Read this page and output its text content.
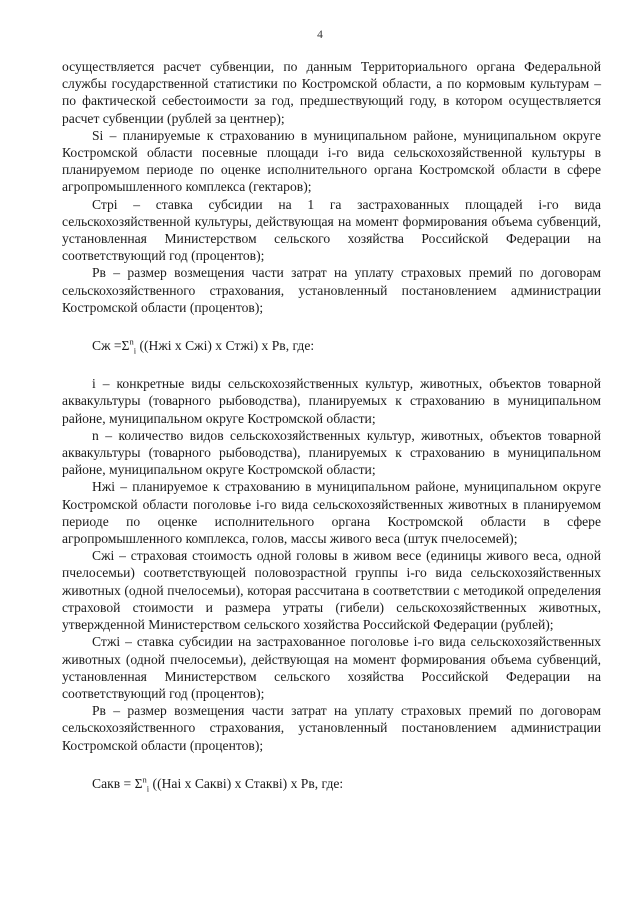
4

осуществляется расчет субвенции, по данным Территориального органа Федеральной службы государственной статистики по Костромской области, а по кормовым культурам – по фактической себестоимости за год, предшествующий году, в котором осуществляется расчет субвенции (рублей за центнер);

Si – планируемые к страхованию в муниципальном районе, муниципальном округе Костромской области посевные площади i-го вида сельскохозяйственной культуры в планируемом периоде по оценке исполнительного органа Костромской области в сфере агропромышленного комплекса (гектаров);

Стрi – ставка субсидии на 1 га застрахованных площадей i-го вида сельскохозяйственной культуры, действующая на момент формирования объема субвенций, установленная Министерством сельского хозяйства Российской Федерации на соответствующий год (процентов);

Рв – размер возмещения части затрат на уплату страховых премий по договорам сельскохозяйственного страхования, установленный постановлением администрации Костромской области (процентов);

Сж $=\Sigma^n_i$ ((Нжi х Сжi) х Стжi) х Рв, где:

i – конкретные виды сельскохозяйственных культур, животных, объектов товарной аквакультуры (товарного рыбоводства), планируемых к страхованию в муниципальном районе, муниципальном округе Костромской области;

n – количество видов сельскохозяйственных культур, животных, объектов товарной аквакультуры (товарного рыбоводства), планируемых к страхованию в муниципальном районе, муниципальном округе Костромской области;

Нжi – планируемое к страхованию в муниципальном районе, муниципальном округе Костромской области поголовье i-го вида сельскохозяйственных животных в планируемом периоде по оценке исполнительного органа Костромской области в сфере агропромышленного комплекса, голов, массы живого веса (штук пчелосемей);

Сжi – страховая стоимость одной головы в живом весе (единицы живого веса, одной пчелосемьи) соответствующей половозрастной группы i-го вида сельскохозяйственных животных (одной пчелосемьи), которая рассчитана в соответствии с методикой определения страховой стоимости и размера утраты (гибели) сельскохозяйственных животных, утвержденной Министерством сельского хозяйства Российской Федерации (рублей);

Стжi – ставка субсидии на застрахованное поголовье i-го вида сельскохозяйственных животных (одной пчелосемьи), действующая на момент формирования объема субвенций, установленная Министерством сельского хозяйства Российской Федерации на соответствующий год (процентов);

Рв – размер возмещения части затрат на уплату страховых премий по договорам сельскохозяйственного страхования, установленный постановлением администрации Костромской области (процентов);

Сакв = $\Sigma^n_i$ ((Наi х Саквi) х Стаквi) х Рв, где:
